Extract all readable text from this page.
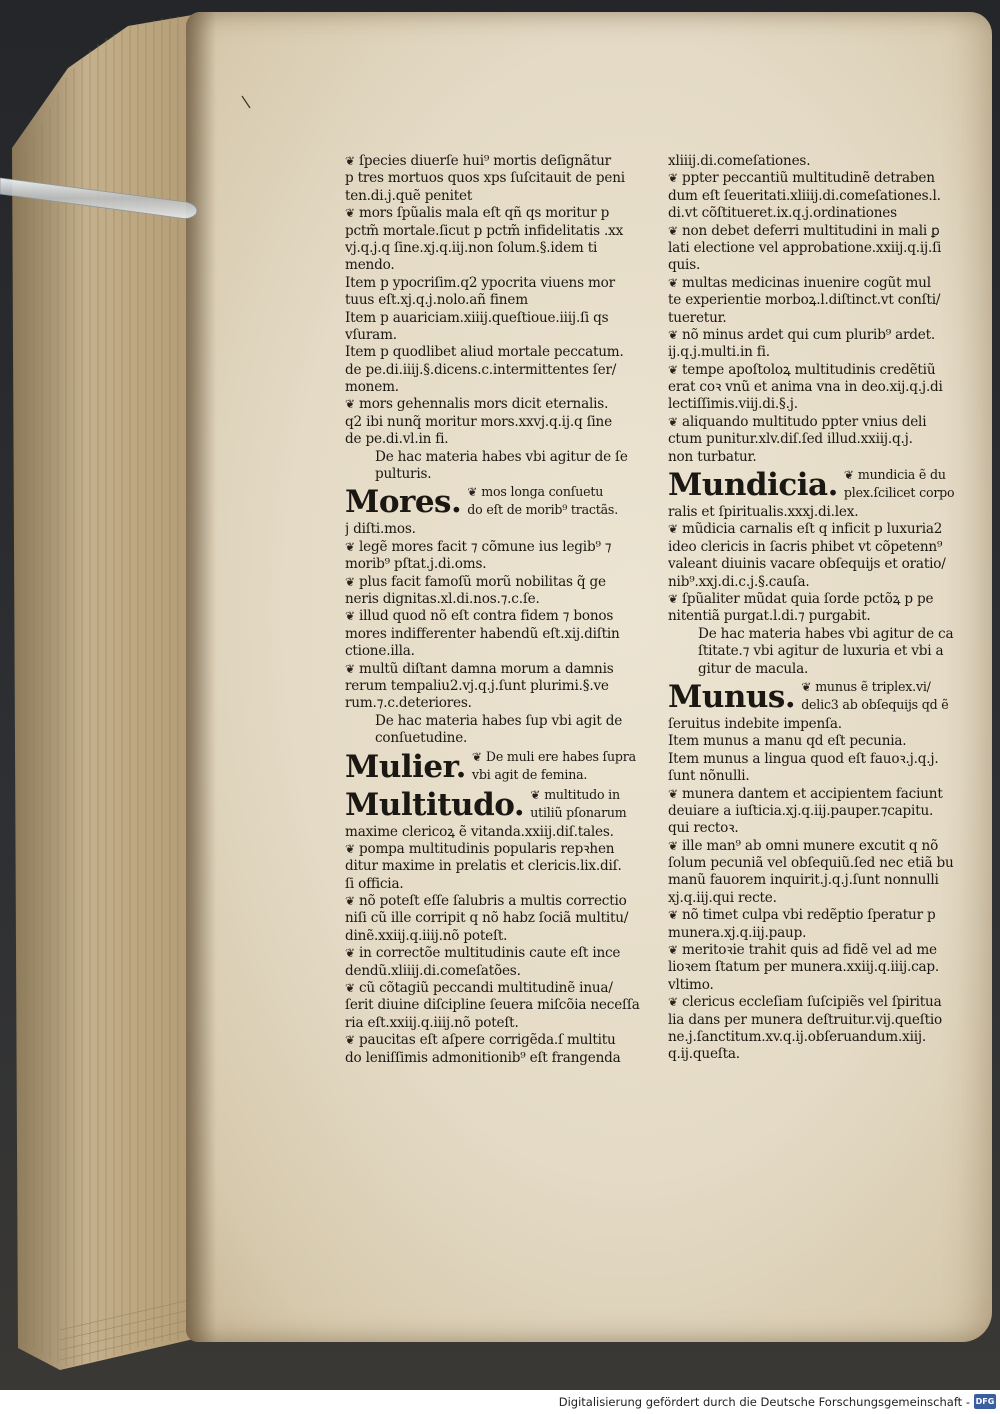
❦ ſpecies diuerſe hui⁹ mortis deſignãtur
p tres mortuos quos xps ſuſcitauit de peni
ten.di.j.quẽ penitet
❦ mors ſpũalis mala eſt qñ qs moritur p
pctm̃ mortale.ſicut p pctm̃ infidelitatis .xx
vj.q.j.q ſine.xj.q.iij.non ſolum.§.idem ti
mendo.
Item p ypocriſim.q2 ypocrita viuens mor
tuus eſt.xj.q.j.nolo.añ finem
Item p auariciam.xiiij.queſtioue.iiij.ſi qs
vſuram.
Item p quodlibet aliud mortale peccatum.
de pe.di.iiij.§.dicens.c.intermittentes ſer/
monem.
❦ mors gehennalis mors dicit eternalis.
q2 ibi nunq̃ moritur mors.xxvj.q.ij.q ſine
de pe.di.vl.in fi.
De hac materia habes vbi agitur de ſe
pulturis.
Mores. ❦ mos longa conſuetu

do eſt de morib⁹ tractãs.
j diſti.mos.
❦ legẽ mores facit̃ ⁊ cõmune ius legib⁹ ⁊
morib⁹ pſtat.j.di.oms.
❦ plus facit famoſũ morũ nobilitas q̃ ge
neris dignitas.xl.di.nos.⁊.c.ſe.
❦ illud quod nõ eſt contra fidem ⁊ bonos
mores indifferenter habendũ eſt.xij.diſtin
ctione.illa.
❦ multũ diſtant damna morum a damnis
rerum tempaliu2.vj.q.j.ſunt plurimi.§.ve
rum.⁊.c.deteriores.
De hac materia habes ſup vbi agit de
conſuetudine.
Mulier. ❦ De muli ere habes ſupra

vbi agit de femina.
Multitudo. ❦ multitudo in

utiliũ pſonarum
maxime clericoꝝ ẽ vitanda.xxiij.diſ.tales.
❦ pompa multitudinis popularis repꝛhen
ditur maxime in prelatis et clericis.lix.diſ.
ſi officia.
❦ nõ poteſt eſſe ſalubris a multis correctio
niſi cũ ille corripit q nõ habz ſociã multitu/
dinẽ.xxiij.q.iiij.nõ poteſt.
❦ in correctõe multitudinis caute eſt ince
dendũ.xliiij.di.comeſatões.
❦ cũ cõtagiũ peccandi multitudinẽ inua/
ſerit diuine diſcipline ſeuera miſcõia neceſſa
ria eſt.xxiij.q.iiij.nõ poteſt.
❦ paucitas eſt aſpere corrigẽda.ſ multitu
do leniſſimis admonitionib⁹ eſt frangenda
xliiij.di.comeſationes.
❦ ppter peccantiũ multitudinẽ detraben
dum eſt ſeueritati.xliiij.di.comeſationes.l.
di.vt cõſtitueret.ix.q.j.ordinationes
❦ non debet deferri multitudini in mali ꝑ
lati electione vel approbatione.xxiij.q.ij.ſi
quis.
❦ multas medicinas inuenire cogũt mul
te experientie morboꝝ.l.diſtinct.vt conſti/
tueretur.
❦ nõ minus ardet qui cum plurib⁹ ardet.
ij.q.j.multi.in fi.
❦ tempe apoſtoloꝝ multitudinis credẽtiũ
erat coꝛ vnũ et anima vna in deo.xij.q.j.di
lectiſſimis.viij.di.§.j.
❦ aliquando multitudo ppter vnius deli
ctum punitur.xlv.diſ.ſed illud.xxiij.q.j.
non turbatur.
Mundicia. ❦ mundicia ẽ du

plex.ſcilicet corpo
ralis et ſpiritualis.xxxj.di.lex.
❦ mũdicia carnalis eſt q inficit p luxuria2
ideo clericis in ſacris phibet vt cõpetenn⁹
valeant diuinis vacare obſequijs et oratio/
nib⁹.xxj.di.c.j.§.cauſa.
❦ ſpũaliter mũdat quia ſorde pctõꝝ p pe
nitentiã purgat.l.di.⁊ purgabit.
De hac materia habes vbi agitur de ca
ſtitate.⁊ vbi agitur de luxuria et vbi a
gitur de macula.
Munus. ❦ munus ẽ triplex.vi/

delic3 ab obſequijs qd ẽ
ſeruitus indebite impenſa.
Item munus a manu qd eſt pecunia.
Item munus a lingua quod eſt fauoꝛ.j.q.j.
ſunt nõnulli.
❦ munera dantem et accipientem faciunt
deuiare a iuſticia.xj.q.iij.pauper.⁊capitu.
qui rectoꝛ.
❦ ille man⁹ ab omni munere excutit q nõ
ſolum pecuniã vel obſequiũ.ſed nec etiã bu
manũ fauorem inquirit.j.q.j.ſunt nonnulli
xj.q.iij.qui recte.
❦ nõ timet culpa vbi redẽptio ſperatur p
munera.xj.q.iij.paup.
❦ meritoꝛie trahit quis ad fidẽ vel ad me
lioꝛem ſtatum per munera.xxiij.q.iiij.cap.
vltimo.
❦ clericus eccleſiam ſuſcipiẽs vel ſpiritua
lia dans per munera deſtruitur.vij.queſtio
ne.j.ſanctitum.xv.q.ij.obſeruandum.xiij.
q.ij.queſta.
Digitalisierung gefördert durch die Deutsche Forschungsgemeinschaft - DFG
